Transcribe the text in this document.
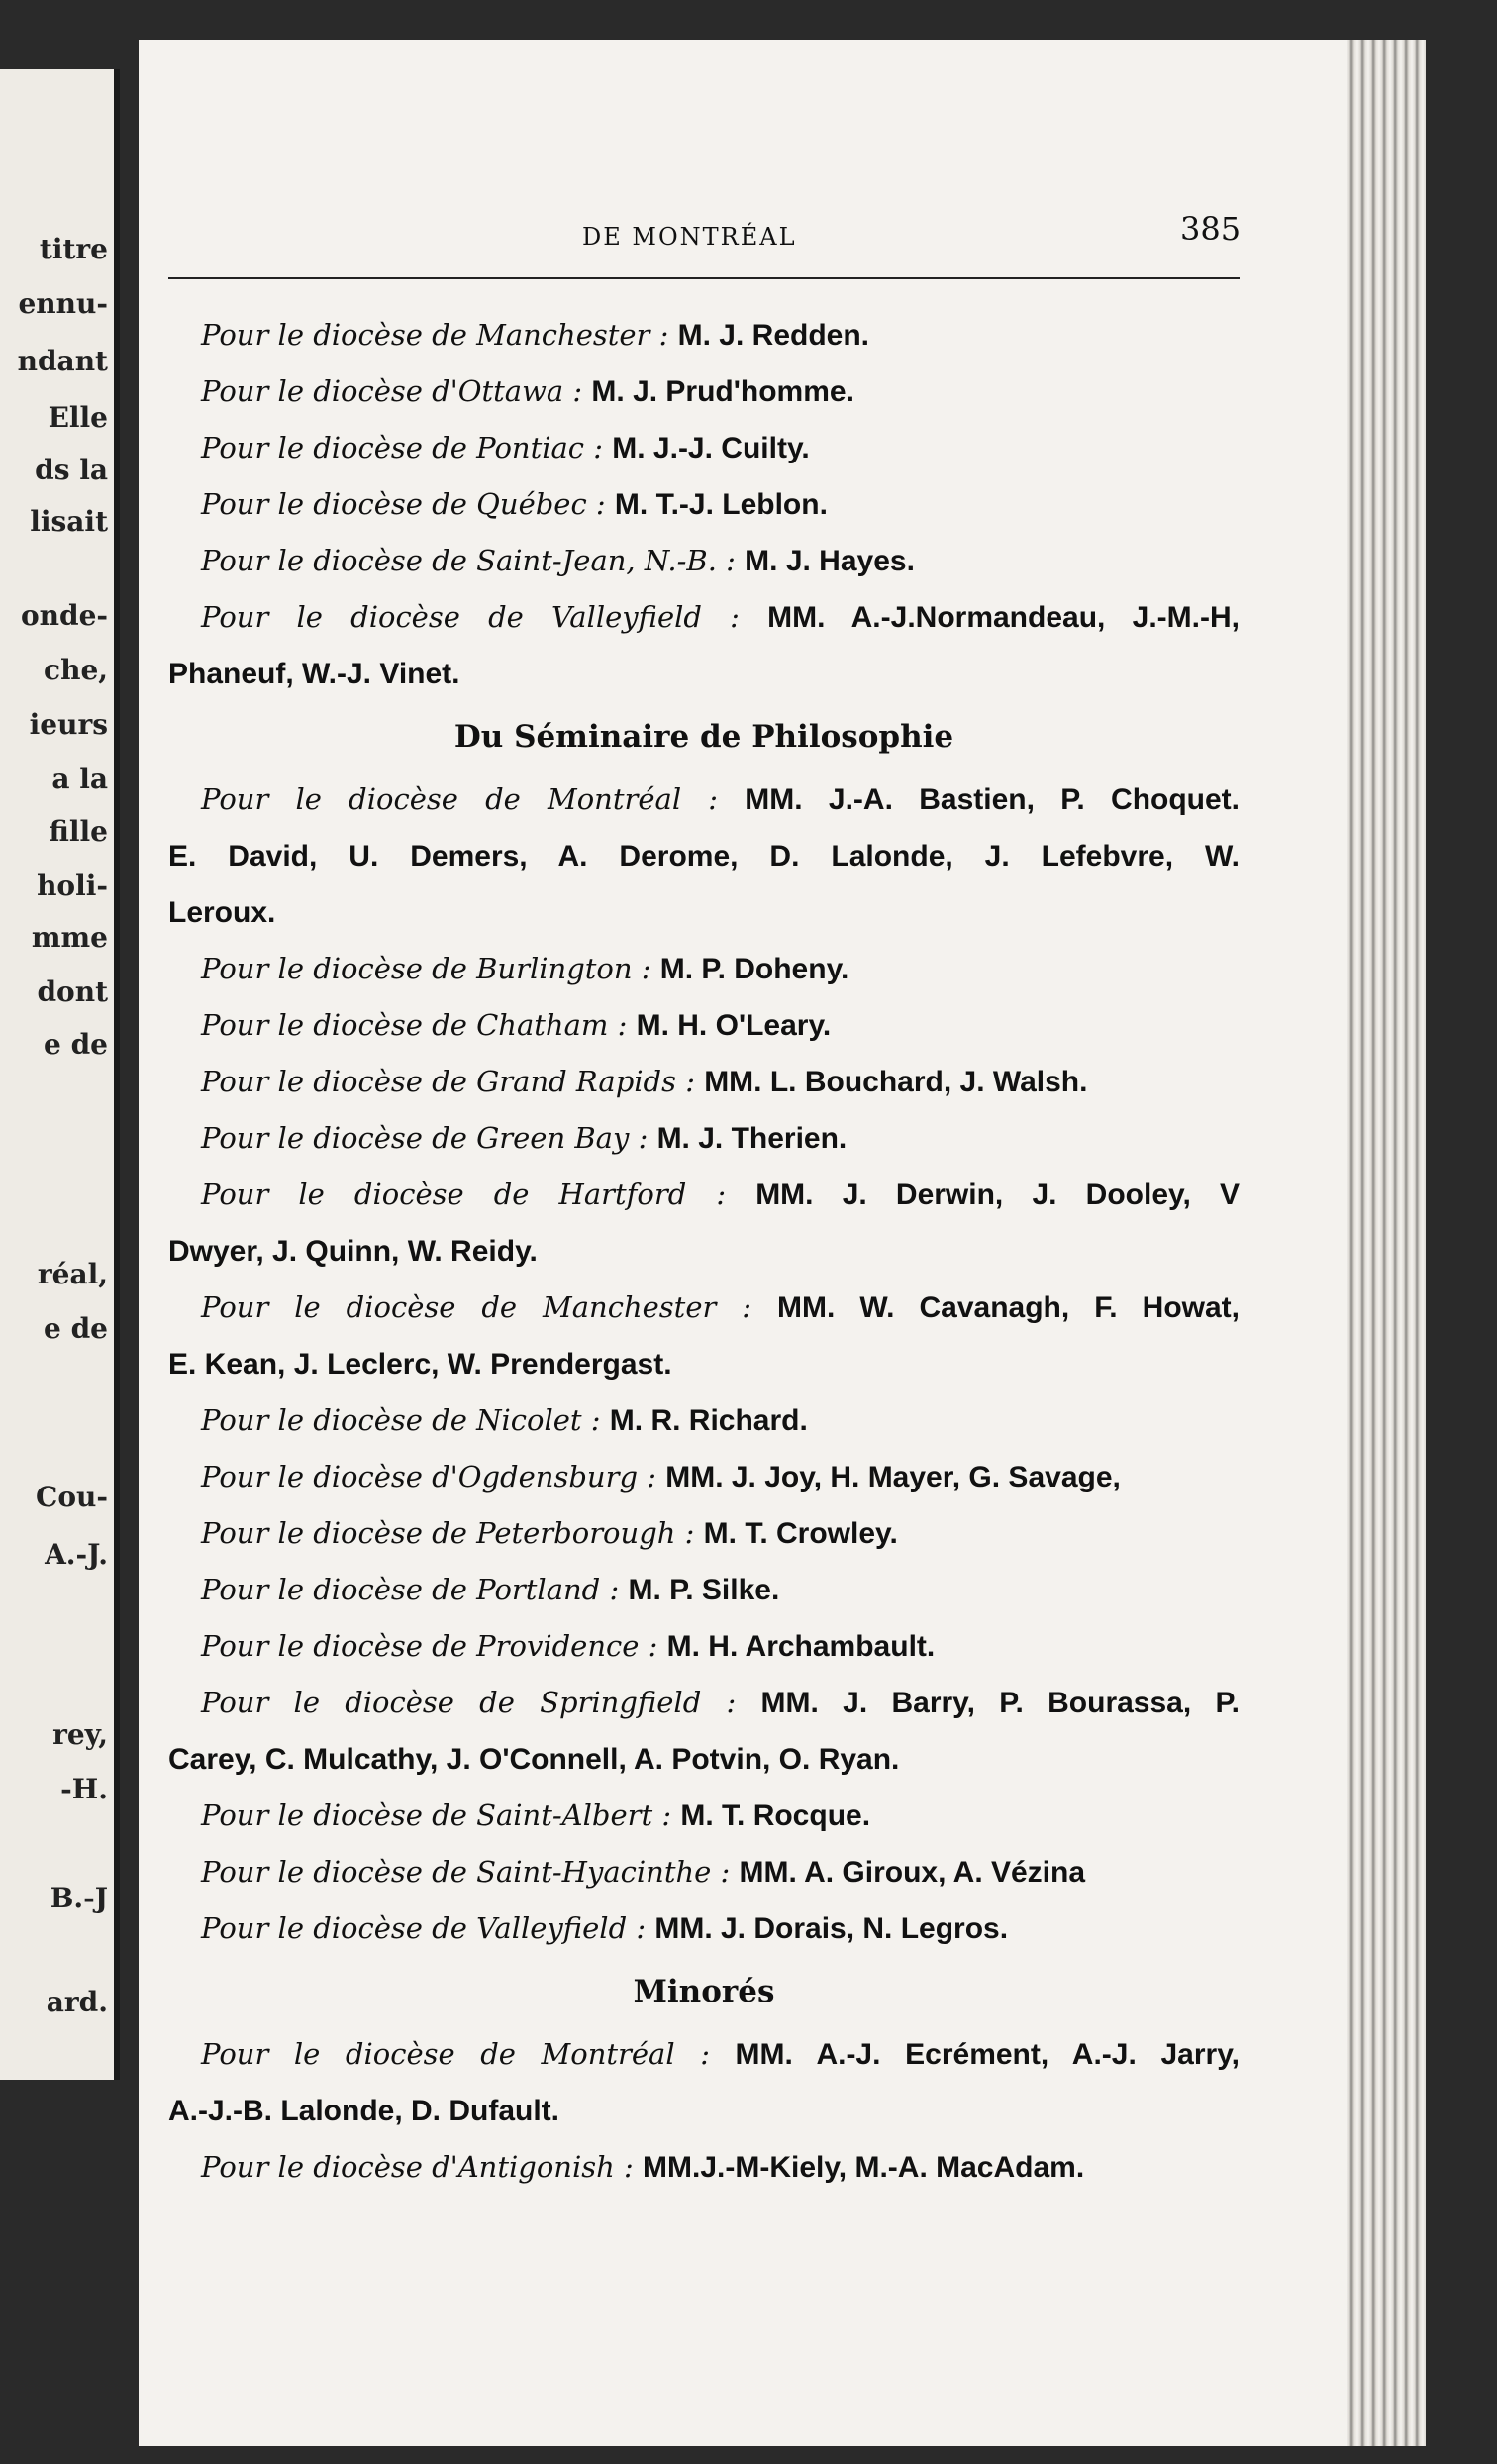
titre
ennu-
ndant
Elle
ds la
lisait
onde-
che,
ieurs
a la
fille
holi-
mme
dont
e de
réal,
e de
Cou-
A.-J.
rey,
-H.
B.-J
ard.
DE MONTRÉAL	385
Pour le diocèse de Manchester : M. J. Redden.
Pour le diocèse d'Ottawa : M. J. Prud'homme.
Pour le diocèse de Pontiac : M. J.-J. Cuilty.
Pour le diocèse de Québec : M. T.-J. Leblon.
Pour le diocèse de Saint-Jean, N.-B. : M. J. Hayes.
Pour le diocèse de Valleyfield : MM. A.-J.Normandeau, J.-M.-H,
Phaneuf, W.-J. Vinet.
Du Séminaire de Philosophie
Pour le diocèse de Montréal : MM. J.-A. Bastien, P. Choquet.
E. David, U. Demers, A. Derome, D. Lalonde, J. Lefebvre, W.
Leroux.
Pour le diocèse de Burlington : M. P. Doheny.
Pour le diocèse de Chatham : M. H. O'Leary.
Pour le diocèse de Grand Rapids : MM. L. Bouchard, J. Walsh.
Pour le diocèse de Green Bay : M. J. Therien.
Pour le diocèse de Hartford : MM. J. Derwin, J. Dooley, V
Dwyer, J. Quinn, W. Reidy.
Pour le diocèse de Manchester : MM. W. Cavanagh, F. Howat,
E. Kean, J. Leclerc, W. Prendergast.
Pour le diocèse de Nicolet : M. R. Richard.
Pour le diocèse d'Ogdensburg : MM. J. Joy, H. Mayer, G. Savage,
Pour le diocèse de Peterborough : M. T. Crowley.
Pour le diocèse de Portland : M. P. Silke.
Pour le diocèse de Providence : M. H. Archambault.
Pour le diocèse de Springfield : MM. J. Barry, P. Bourassa, P.
Carey, C. Mulcathy, J. O'Connell, A. Potvin, O. Ryan.
Pour le diocèse de Saint-Albert : M. T. Rocque.
Pour le diocèse de Saint-Hyacinthe : MM. A. Giroux, A. Vézina
Pour le diocèse de Valleyfield : MM. J. Dorais, N. Legros.
Minorés
Pour le diocèse de Montréal : MM. A.-J. Ecrément, A.-J. Jarry,
A.-J.-B. Lalonde, D. Dufault.
Pour le diocèse d'Antigonish : MM.J.-M-Kiely, M.-A. MacAdam.
